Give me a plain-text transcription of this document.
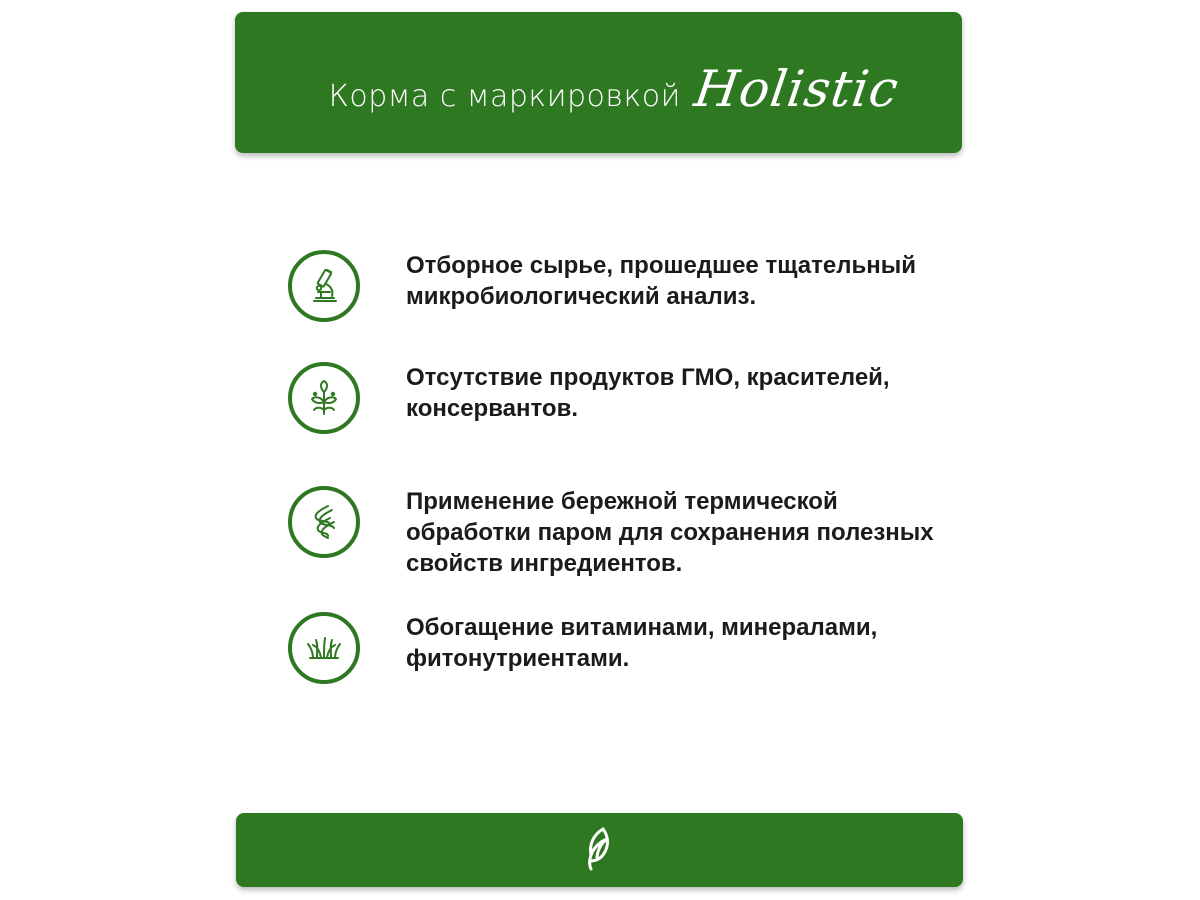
Корма с маркировкой Holistic
Отборное сырье, прошедшее тщательный микробиологический анализ.
Отсутствие продуктов ГМО, красителей, консервантов.
Применение бережной термической обработки паром для сохранения полезных свойств ингредиентов.
Обогащение витаминами, минералами, фитонутриентами.
